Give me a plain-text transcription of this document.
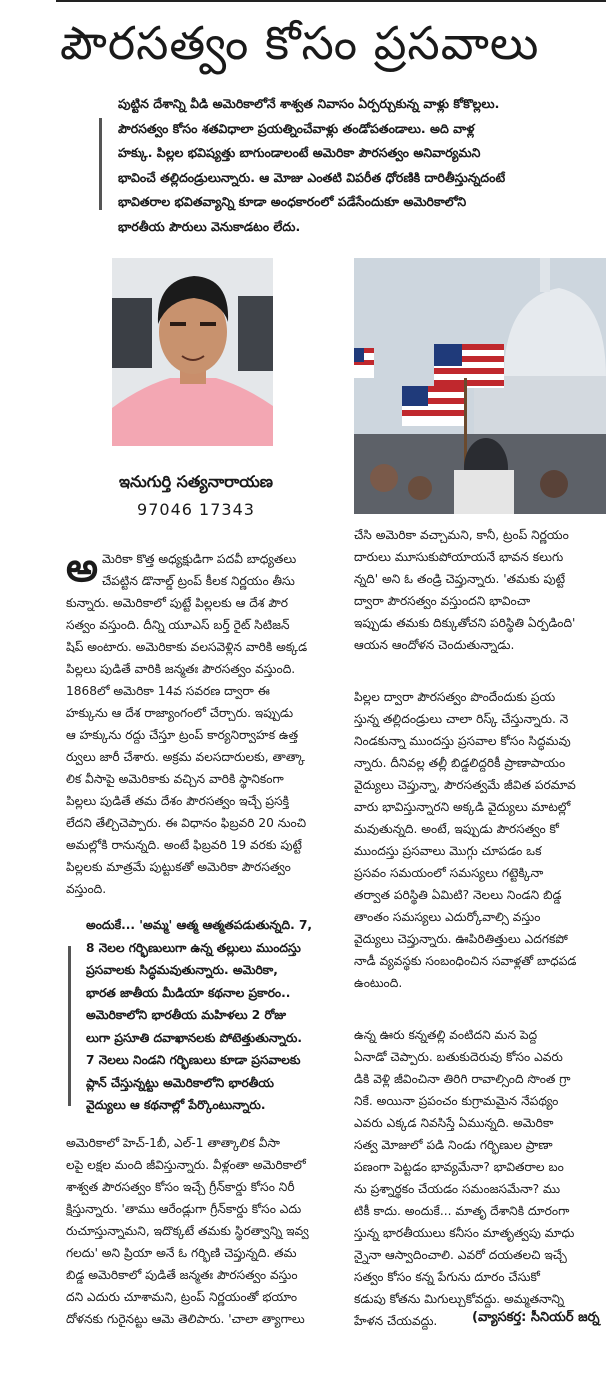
పౌరసత్వం కోసం ప్రసవాలు
పుట్టిన దేశాన్ని వీడి అమెరికాలోనే శాశ్వత నివాసం ఏర్పర్చుకున్న వాళ్లు కోకొల్లలు.
పౌరసత్వం కోసం శతవిధాలా ప్రయత్నించేవాళ్లు తండోపతండాలు. అది వాళ్ల
హక్కు. పిల్లల భవిష్యత్తు బాగుండాలంటే అమెరికా పౌరసత్వం అనివార్యమని
భావించే తల్లిదండ్రులున్నారు. ఆ మోజు ఎంతటి విపరీత ధోరణికి దారితీస్తున్నదంటే
భావితరాల భవితవ్యాన్ని కూడా అంధకారంలో పడేసేందుకూ అమెరికాలోని
భారతీయ పౌరులు వెనుకాడటం లేదు.
ఇనుగుర్తి సత్యనారాయణ
97046 17343
అ మెరికా కొత్త అధ్యక్షుడిగా పదవీ బాధ్యతలు
చేపట్టిన డొనాల్డ్ ట్రంప్ కీలక నిర్ణయం తీసు
కున్నారు. అమెరికాలో పుట్టే పిల్లలకు ఆ దేశ పౌర
సత్వం వస్తుంది. దీన్ని యూఎస్ బర్త్ రైట్ సిటిజన్
షిప్ అంటారు. అమెరికాకు వలసవెళ్లిన వారికి అక్కడ
పిల్లలు పుడితే వారికి జన్మతః పౌరసత్వం వస్తుంది.
1868లో అమెరికా 14వ సవరణ ద్వారా ఈ
హక్కును ఆ దేశ రాజ్యాంగంలో చేర్చారు. ఇప్పుడు
ఆ హక్కును రద్దు చేస్తూ ట్రంప్ కార్యనిర్వాహక ఉత్త
ర్వులు జారీ చేశారు. అక్రమ వలసదారులకు, తాత్కా
లిక వీసాపై అమెరికాకు వచ్చిన వారికి స్థానికంగా
పిల్లలు పుడితే తమ దేశం పౌరసత్వం ఇచ్చే ప్రసక్తి
లేదని తేల్చిచెప్పారు. ఈ విధానం ఫిబ్రవరి 20 నుంచి
అమల్లోకి రానున్నది. అంటే ఫిబ్రవరి 19 వరకు పుట్టే
పిల్లలకు మాత్రమే పుట్టుకతో అమెరికా పౌరసత్వం
వస్తుంది.
అందుకే... 'అమ్మ' ఆత్మ ఆత్మతపడుతున్నది. 7,
8 నెలల గర్భిణులుగా ఉన్న తల్లులు ముందస్తు
ప్రసవాలకు సిద్ధమవుతున్నారు. అమెరికా,
భారత జాతీయ మీడియా కథనాల ప్రకారం..
అమెరికాలోని భారతీయ మహిళలు 2 రోజు
లుగా ప్రసూతి దవాఖానలకు పోటెత్తుతున్నారు.
7 నెలలు నిండని గర్భిణులు కూడా ప్రసవాలకు
ప్లాన్ చేస్తున్నట్టు అమెరికాలోని భారతీయ
వైద్యులు ఆ కథనాల్లో పేర్కొంటున్నారు.
అమెరికాలో హెచ్-1బీ, ఎల్-1 తాత్కాలిక వీసా
లపై లక్షల మంది జీవిస్తున్నారు. వీళ్లంతా అమెరికాలో
శాశ్వత పౌరసత్వం కోసం ఇచ్చే గ్రీన్‌కార్డు కోసం నిరీ
క్షిస్తున్నారు. 'తాము ఆరేండ్లుగా గ్రీన్‌కార్డు కోసం ఎదు
రుచూస్తున్నామని, ఇదొక్కటే తమకు స్థిరత్వాన్ని ఇవ్వ
గలదు' అని ప్రియా అనే ఓ గర్భిణి చెప్తున్నది. తమ
బిడ్డ అమెరికాలో పుడితే జన్మతః పౌరసత్వం వస్తుం
దని ఎదురు చూశామని, ట్రంప్ నిర్ణయంతో భయాం
దోళనకు గురైనట్టు ఆమె తెలిపారు. 'చాలా త్యాగాలు
చేసి అమెరికా వచ్చామని, కానీ, ట్రంప్ నిర్ణయం
దారులు మూసుకుపోయాయనే భావన కలుగు
న్నది' అని ఓ తండ్రి చెప్తున్నారు. 'తమకు పుట్టే
ద్వారా పౌరసత్వం వస్తుందని భావించా
ఇప్పుడు తమకు దిక్కుతోచని పరిస్థితి ఏర్పడింది'
ఆయన ఆందోళన చెందుతున్నాడు.
పిల్లల ద్వారా పౌరసత్వం పొందేందుకు ప్రయ
స్తున్న తల్లిదండ్రులు చాలా రిస్క్ చేస్తున్నారు. నె
నిండకున్నా ముందస్తు ప్రసవాల కోసం సిద్ధమవు
న్నారు. దీనివల్ల తల్లీ బిడ్డలిద్దరికీ ప్రాణాపాయం
వైద్యులు చెప్తున్నా, పౌరసత్వమే జీవిత పరమావ
వారు భావిస్తున్నారని అక్కడి వైద్యులు మాటల్లో
మవుతున్నది. అంటే, ఇప్పుడు పౌరసత్వం కో
ముందస్తు ప్రసవాలు మొగ్గు చూపడం ఒక
ప్రసవం సమయంలో సమస్యలు గట్టెక్కినా
తర్వాత పరిస్థితి ఏమిటి? నెలలు నిండని బిడ్డ
తాంతం సమస్యలు ఎదుర్కోవాల్సి వస్తుం
వైద్యులు చెప్తున్నారు. ఊపిరితిత్తులు ఎదగకపో
నాడీ వ్యవస్థకు సంబంధించిన సవాళ్లతో బాధపడ
ఉంటుంది.
ఉన్న ఊరు కన్నతల్లి వంటిదని మన పెద్ద
ఏనాడో చెప్పారు. బతుకుదెరువు కోసం ఎవరు
డికి వెళ్లి జీవించినా తిరిగి రావాల్సింది సొంత గ్రా
నికే. అయినా ప్రపంచం కుగ్రామమైన నేపథ్యం
ఎవరు ఎక్కడ నివసిస్తే ఏమున్నది. అమెరికా
సత్వ మోజులో పడి నిండు గర్భిణుల ప్రాణా
పణంగా పెట్టడం భావ్యమేనా? భావితరాల బం
ను ప్రశ్నార్థకం చేయడం సమంజసమేనా? ము
టికీ కాదు. అందుకే... మాతృ దేశానికి దూరంగా
స్తున్న భారతీయులు కనీసం మాతృత్వపు మాధు
న్నైనా ఆస్వాదించాలి. ఎవరో దయతలచి ఇచ్చే
సత్వం కోసం కన్న పేగును దూరం చేసుకో
కడుపు కోతను మిగుల్చుకోవద్దు. అమ్మతనాన్ని
హేళన చేయవద్దు.	(వ్యాసకర్త: సీనియర్ జర్న
